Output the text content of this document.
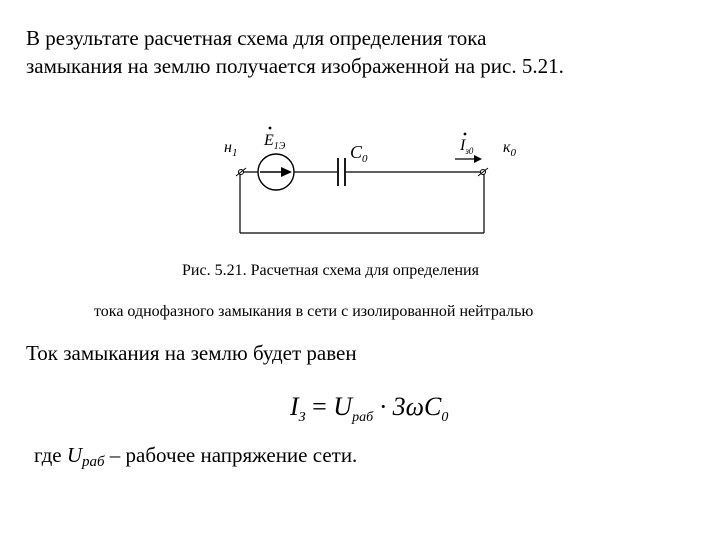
В результате расчетная схема для определения тока
замыкания на землю получается изображенной на рис. 5.21.
$н_1$
$E_{1Э}$	$C_0$
$I_{з0}$ $к_0$
Рис. 5.21. Расчетная схема для определения
тока однофазного замыкания в сети с изолированной нейтралью
Ток замыкания на землю будет равен
$I_З = U_{раб} \cdot 3\omega C_0$
где $U_{раб}$ – рабочее напряжение сети.
